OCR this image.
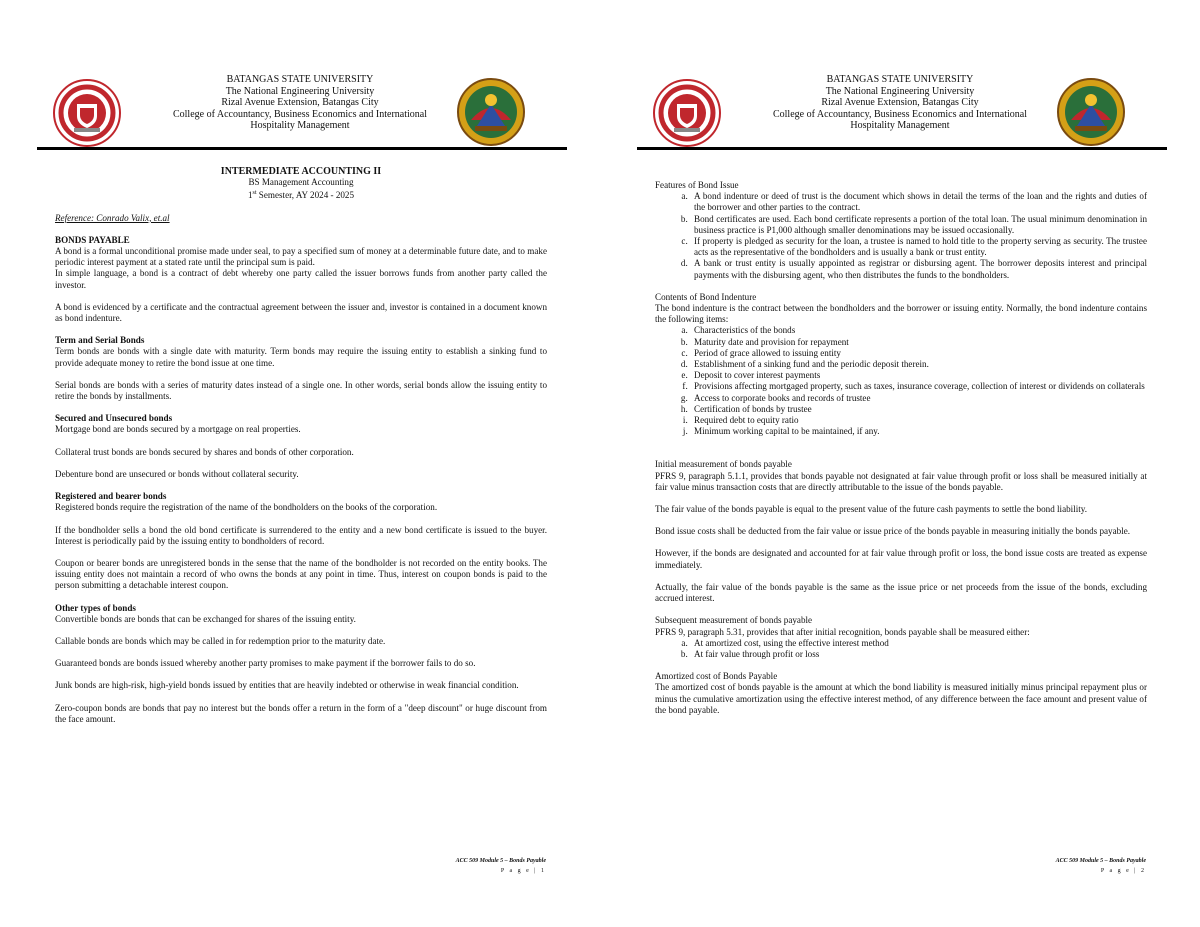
BATANGAS STATE UNIVERSITY
The National Engineering University
Rizal Avenue Extension, Batangas City
College of Accountancy, Business Economics and International
Hospitality Management

INTERMEDIATE ACCOUNTING II

BS Management Accounting

1st Semester, AY 2024 - 2025

Reference: Conrado Valix, et.al

BONDS PAYABLE

A bond is a formal unconditional promise made under seal, to pay a specified sum of money at a determinable future date, and to make periodic interest payment at a stated rate until the principal sum is paid.

In simple language, a bond is a contract of debt whereby one party called the issuer borrows funds from another party called the investor.

A bond is evidenced by a certificate and the contractual agreement between the issuer and, investor is contained in a document known as bond indenture.

Term and Serial Bonds

Term bonds are bonds with a single date with maturity. Term bonds may require the issuing entity to establish a sinking fund to provide adequate money to retire the bond issue at one time.

Serial bonds are bonds with a series of maturity dates instead of a single one. In other words, serial bonds allow the issuing entity to retire the bonds by installments.

Secured and Unsecured bonds

Mortgage bond are bonds secured by a mortgage on real properties.

Collateral trust bonds are bonds secured by shares and bonds of other corporation.

Debenture bond are unsecured or bonds without collateral security.

Registered and bearer bonds

Registered bonds require the registration of the name of the bondholders on the books of the corporation.

If the bondholder sells a bond the old bond certificate is surrendered to the entity and a new bond certificate is issued to the buyer. Interest is periodically paid by the issuing entity to bondholders of record.

Coupon or bearer bonds are unregistered bonds in the sense that the name of the bondholder is not recorded on the entity books. The issuing entity does not maintain a record of who owns the bonds at any point in time. Thus, interest on coupon bonds is paid to the person submitting a detachable interest coupon.

Other types of bonds

Convertible bonds are bonds that can be exchanged for shares of the issuing entity.

Callable bonds are bonds which may be called in for redemption prior to the maturity date.

Guaranteed bonds are bonds issued whereby another party promises to make payment if the borrower fails to do so.

Junk bonds are high-risk, high-yield bonds issued by entities that are heavily indebted or otherwise in weak financial condition.

Zero-coupon bonds are bonds that pay no interest but the bonds offer a return in the form of a "deep discount" or huge discount from the face amount.

ACC 509 Module 5 – Bonds Payable
P a g e | 1
BATANGAS STATE UNIVERSITY
The National Engineering University
Rizal Avenue Extension, Batangas City
College of Accountancy, Business Economics and International
Hospitality Management

Features of Bond Issue

a. A bond indenture or deed of trust is the document which shows in detail the terms of the loan and the rights and duties of the borrower and other parties to the contract.
b. Bond certificates are used. Each bond certificate represents a portion of the total loan. The usual minimum denomination in business practice is P1,000 although smaller denominations may be issued occasionally.
c. If property is pledged as security for the loan, a trustee is named to hold title to the property serving as security. The trustee acts as the representative of the bondholders and is usually a bank or trust entity.
d. A bank or trust entity is usually appointed as registrar or disbursing agent. The borrower deposits interest and principal payments with the disbursing agent, who then distributes the funds to the bondholders.

Contents of Bond Indenture

The bond indenture is the contract between the bondholders and the borrower or issuing entity. Normally, the bond indenture contains the following items:

a. Characteristics of the bonds
b. Maturity date and provision for repayment
c. Period of grace allowed to issuing entity
d. Establishment of a sinking fund and the periodic deposit therein.
e. Deposit to cover interest payments
f. Provisions affecting mortgaged property, such as taxes, insurance coverage, collection of interest or dividends on collaterals
g. Access to corporate books and records of trustee
h. Certification of bonds by trustee
i. Required debt to equity ratio
j. Minimum working capital to be maintained, if any.

Initial measurement of bonds payable

PFRS 9, paragraph 5.1.1, provides that bonds payable not designated at fair value through profit or loss shall be measured initially at fair value minus transaction costs that are directly attributable to the issue of the bonds payable.

The fair value of the bonds payable is equal to the present value of the future cash payments to settle the bond liability.

Bond issue costs shall be deducted from the fair value or issue price of the bonds payable in measuring initially the bonds payable.

However, if the bonds are designated and accounted for at fair value through profit or loss, the bond issue costs are treated as expense immediately.

Actually, the fair value of the bonds payable is the same as the issue price or net proceeds from the issue of the bonds, excluding accrued interest.

Subsequent measurement of bonds payable

PFRS 9, paragraph 5.31, provides that after initial recognition, bonds payable shall be measured either:

a. At amortized cost, using the effective interest method
b. At fair value through profit or loss

Amortized cost of Bonds Payable

The amortized cost of bonds payable is the amount at which the bond liability is measured initially minus principal repayment plus or minus the cumulative amortization using the effective interest method, of any difference between the face amount and present value of the bond payable.

ACC 509 Module 5 – Bonds Payable
P a g e | 2
